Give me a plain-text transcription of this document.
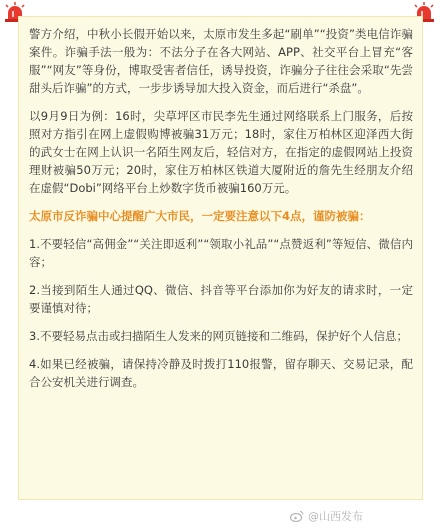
警方介绍，中秋小长假开始以来，太原市发生多起“刷单”“投资”类电信诈骗案件。诈骗手法一般为：不法分子在各大网站、APP、社交平台上冒充“客服”“网友”等身份，博取受害者信任，诱导投资，诈骗分子往往会采取“先尝甜头后诈骗”的方式，一步步诱导加大投入资金，而后进行“杀盘”。

以9月9日为例：16时，尖草坪区市民李先生通过网络联系上门服务，后按照对方指引在网上虚假购博被骗31万元；18时，家住万柏林区迎泽西大街的武女士在网上认识一名陌生网友后，轻信对方，在指定的虚假网站上投资理财被骗50万元；20时，家住万柏林区铁道大厦附近的詹先生经朋友介绍在虚假“Dobi”网络平台上炒数字货币被骗160万元。

太原市反诈骗中心提醒广大市民，一定要注意以下4点，谨防被骗：

1.不要轻信“高佣金”“关注即返利”“领取小礼品”“点赞返利”等短信、微信内容；

2.当接到陌生人通过QQ、微信、抖音等平台添加你为好友的请求时，一定要谨慎对待；

3.不要轻易点击或扫描陌生人发来的网页链接和二维码，保护好个人信息；

4.如果已经被骗，请保持冷静及时拨打110报警，留存聊天、交易记录，配合公安机关进行调查。

@山西发布
